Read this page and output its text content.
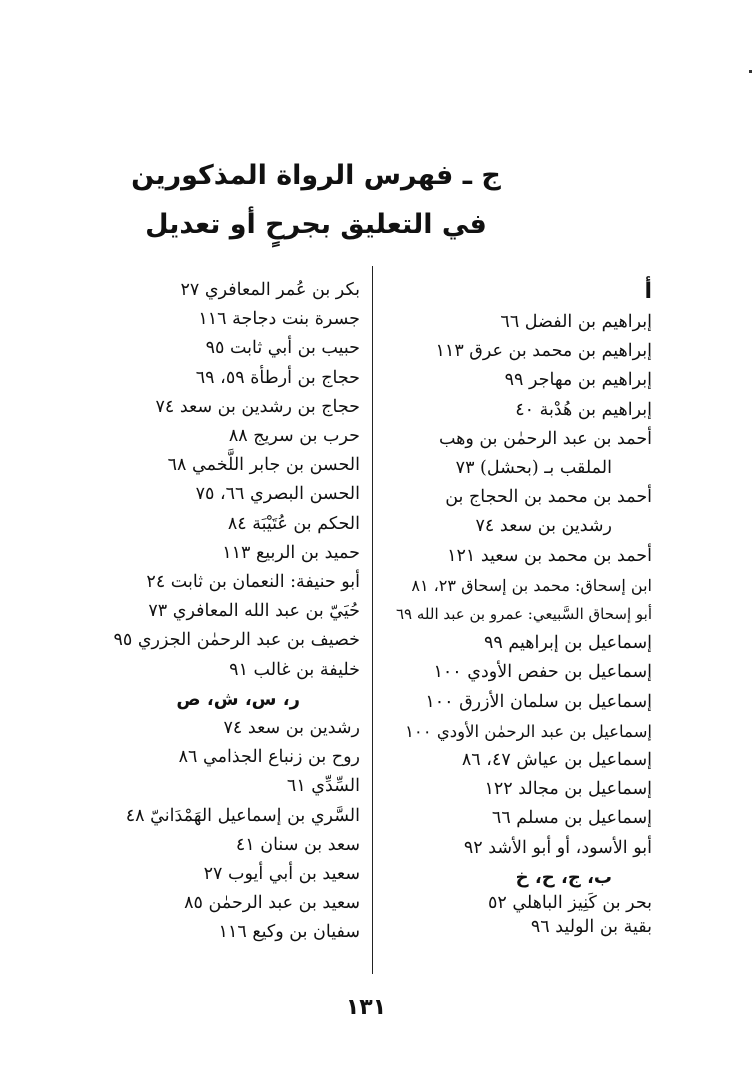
ج ـ فهرس الرواة المذكورين
في التعليق بجرحٍ أو تعديل
أ
إبراهيم بن الفضل ٦٦
إبراهيم بن محمد بن عرق ١١٣
إبراهيم بن مهاجر ٩٩
إبراهيم بن هُدْبة ٤٠
أحمد بن عبد الرحمٰن بن وهب
الملقب بـ (بحشل) ٧٣
أحمد بن محمد بن الحجاج بن
رشدين بن سعد ٧٤
أحمد بن محمد بن سعيد ١٢١
ابن إسحاق: محمد بن إسحاق ٢٣، ٨١
أبو إسحاق السَّبيعي: عمرو بن عبد الله ٦٩
إسماعيل بن إبراهيم ٩٩
إسماعيل بن حفص الأودي ١٠٠
إسماعيل بن سلمان الأزرق ١٠٠
إسماعيل بن عبد الرحمٰن الأودي ١٠٠
إسماعيل بن عياش ٤٧، ٨٦
إسماعيل بن مجالد ١٢٢
إسماعيل بن مسلم ٦٦
أبو الأسود، أو أبو الأشد ٩٢
ب، ج، ح، خ
بحر بن كَنِيز الباهلي ٥٢
بقية بن الوليد ٩٦
بكر بن عُمر المعافري ٢٧
جسرة بنت دجاجة ١١٦
حبيب بن أبي ثابت ٩٥
حجاج بن أرطأة ٥٩، ٦٩
حجاج بن رشدين بن سعد ٧٤
حرب بن سريج ٨٨
الحسن بن جابر اللَّخمي ٦٨
الحسن البصري ٦٦، ٧٥
الحكم بن عُتَيْبَة ٨٤
حميد بن الربيع ١١٣
أبو حنيفة: النعمان بن ثابت ٢٤
حُيَيّ بن عبد الله المعافري ٧٣
خصيف بن عبد الرحمٰن الجزري ٩٥
خليفة بن غالب ٩١
ر، س، ش، ص
رشدين بن سعد ٧٤
روح بن زنباع الجذامي ٨٦
السِّدِّي ٦١
السَّري بن إسماعيل الهَمْدَانيّ ٤٨
سعد بن سنان ٤١
سعيد بن أبي أيوب ٢٧
سعيد بن عبد الرحمٰن ٨٥
سفيان بن وكيع ١١٦
١٣١
